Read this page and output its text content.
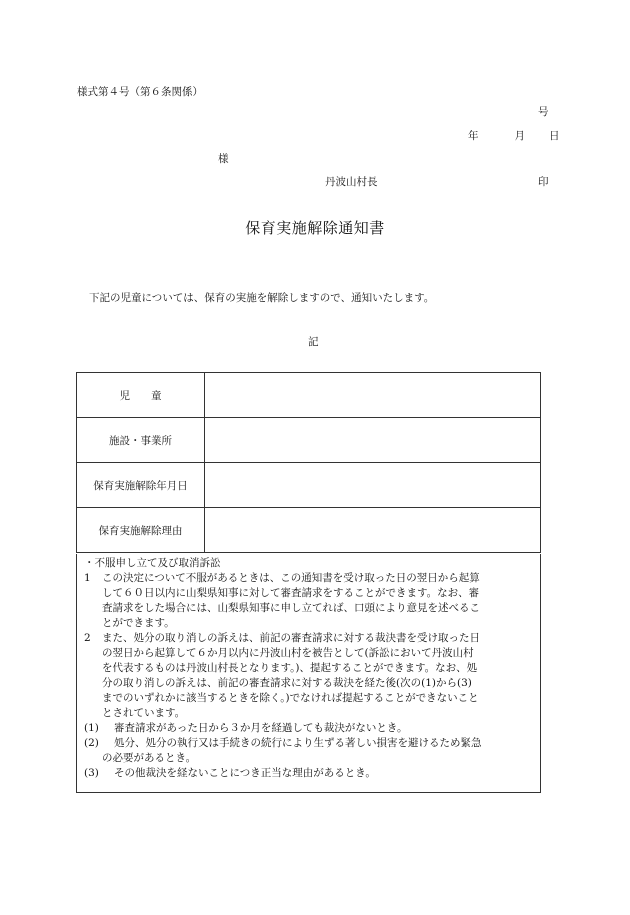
様式第４号（第６条関係）
号
年	月 日
様
丹波山村長	印
保育実施解除通知書
下記の児童については、保育の実施を解除しますので、通知いたします。
記
児　　童	
施設・事業所	
保育実施解除年月日	
保育実施解除理由	
・不服申し立て及び取消訴訟
1 この決定について不服があるときは、この通知書を受け取った日の翌日から起算
して６０日以内に山梨県知事に対して審査請求をすることができます。なお、審
査請求をした場合には、山梨県知事に申し立てれば、口頭により意見を述べるこ
とができます。
2 また、処分の取り消しの訴えは、前記の審査請求に対する裁決書を受け取った日
の翌日から起算して６か月以内に丹波山村を被告として(訴訟において丹波山村
を代表するものは丹波山村長となります。)、提起することができます。なお、処
分の取り消しの訴えは、前記の審査請求に対する裁決を経た後(次の(1)から(3)
までのいずれかに該当するときを除く。)でなければ提起することができないこと
とされています。
(1) 審査請求があった日から３か月を経過しても裁決がないとき。
(2) 処分、処分の執行又は手続きの続行により生ずる著しい損害を避けるため緊急
の必要があるとき。
(3) その他裁決を経ないことにつき正当な理由があるとき。
